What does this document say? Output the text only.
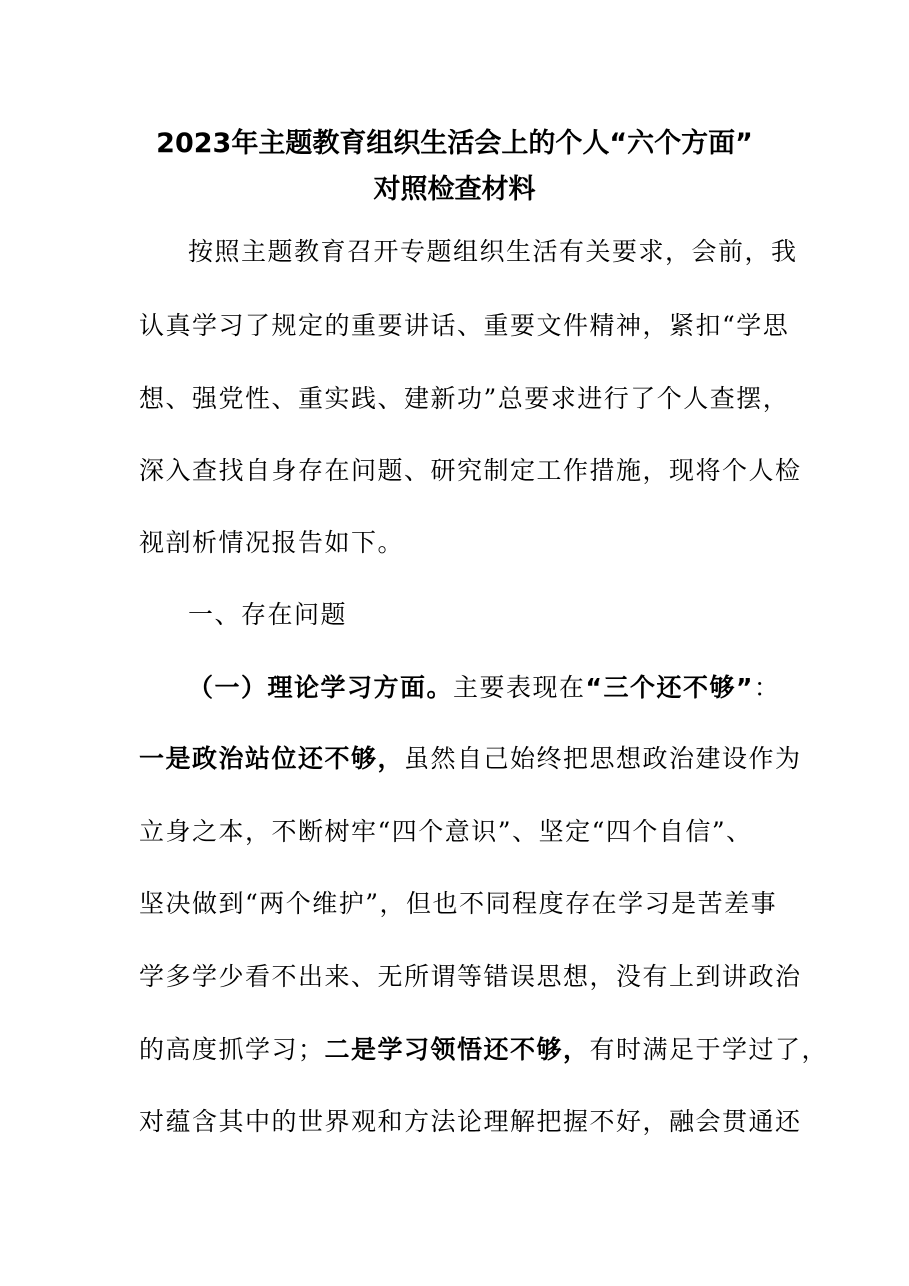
2023年主题教育组织生活会上的个人“六个方面”
对照检查材料
按照主题教育召开专题组织生活有关要求，会前，我
认真学习了规定的重要讲话、重要文件精神，紧扣“学思
想、强党性、重实践、建新功”总要求进行了个人查摆，
深入查找自身存在问题、研究制定工作措施，现将个人检
视剖析情况报告如下。
一、存在问题
（一）理论学习方面。主要表现在“三个还不够”：
一是政治站位还不够，虽然自己始终把思想政治建设作为
立身之本，不断树牢“四个意识”、坚定“四个自信”、
坚决做到“两个维护”，但也不同程度存在学习是苦差事
学多学少看不出来、无所谓等错误思想，没有上到讲政治
的高度抓学习；二是学习领悟还不够，有时满足于学过了，
对蕴含其中的世界观和方法论理解把握不好，融会贯通还
